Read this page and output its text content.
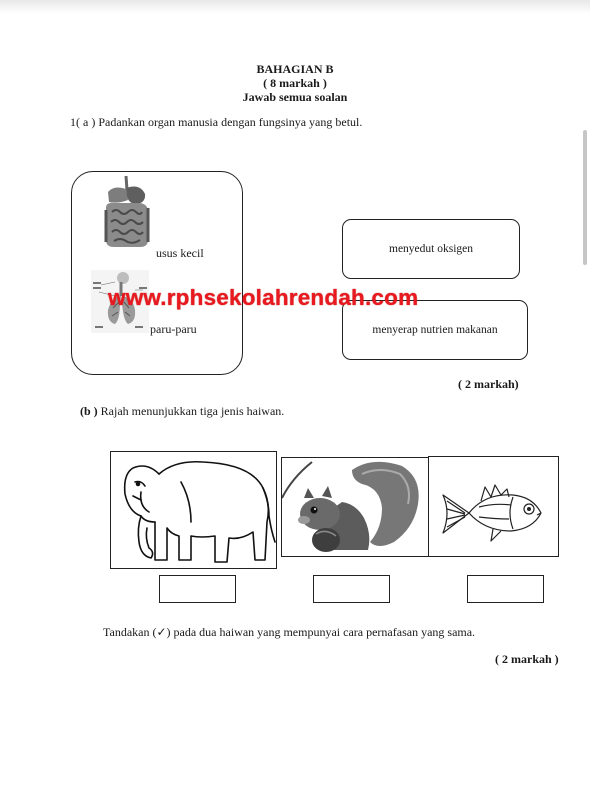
BAHAGIAN B
( 8 markah )
Jawab semua soalan
1( a ) Padankan organ manusia dengan fungsinya yang betul.
usus kecil
paru-paru
menyedut oksigen
menyerap nutrien makanan
www.rphsekolahrendah.com
( 2 markah)
(b ) Rajah menunjukkan tiga jenis haiwan.
Tandakan (✓) pada dua haiwan yang mempunyai cara pernafasan yang sama.
( 2 markah )
